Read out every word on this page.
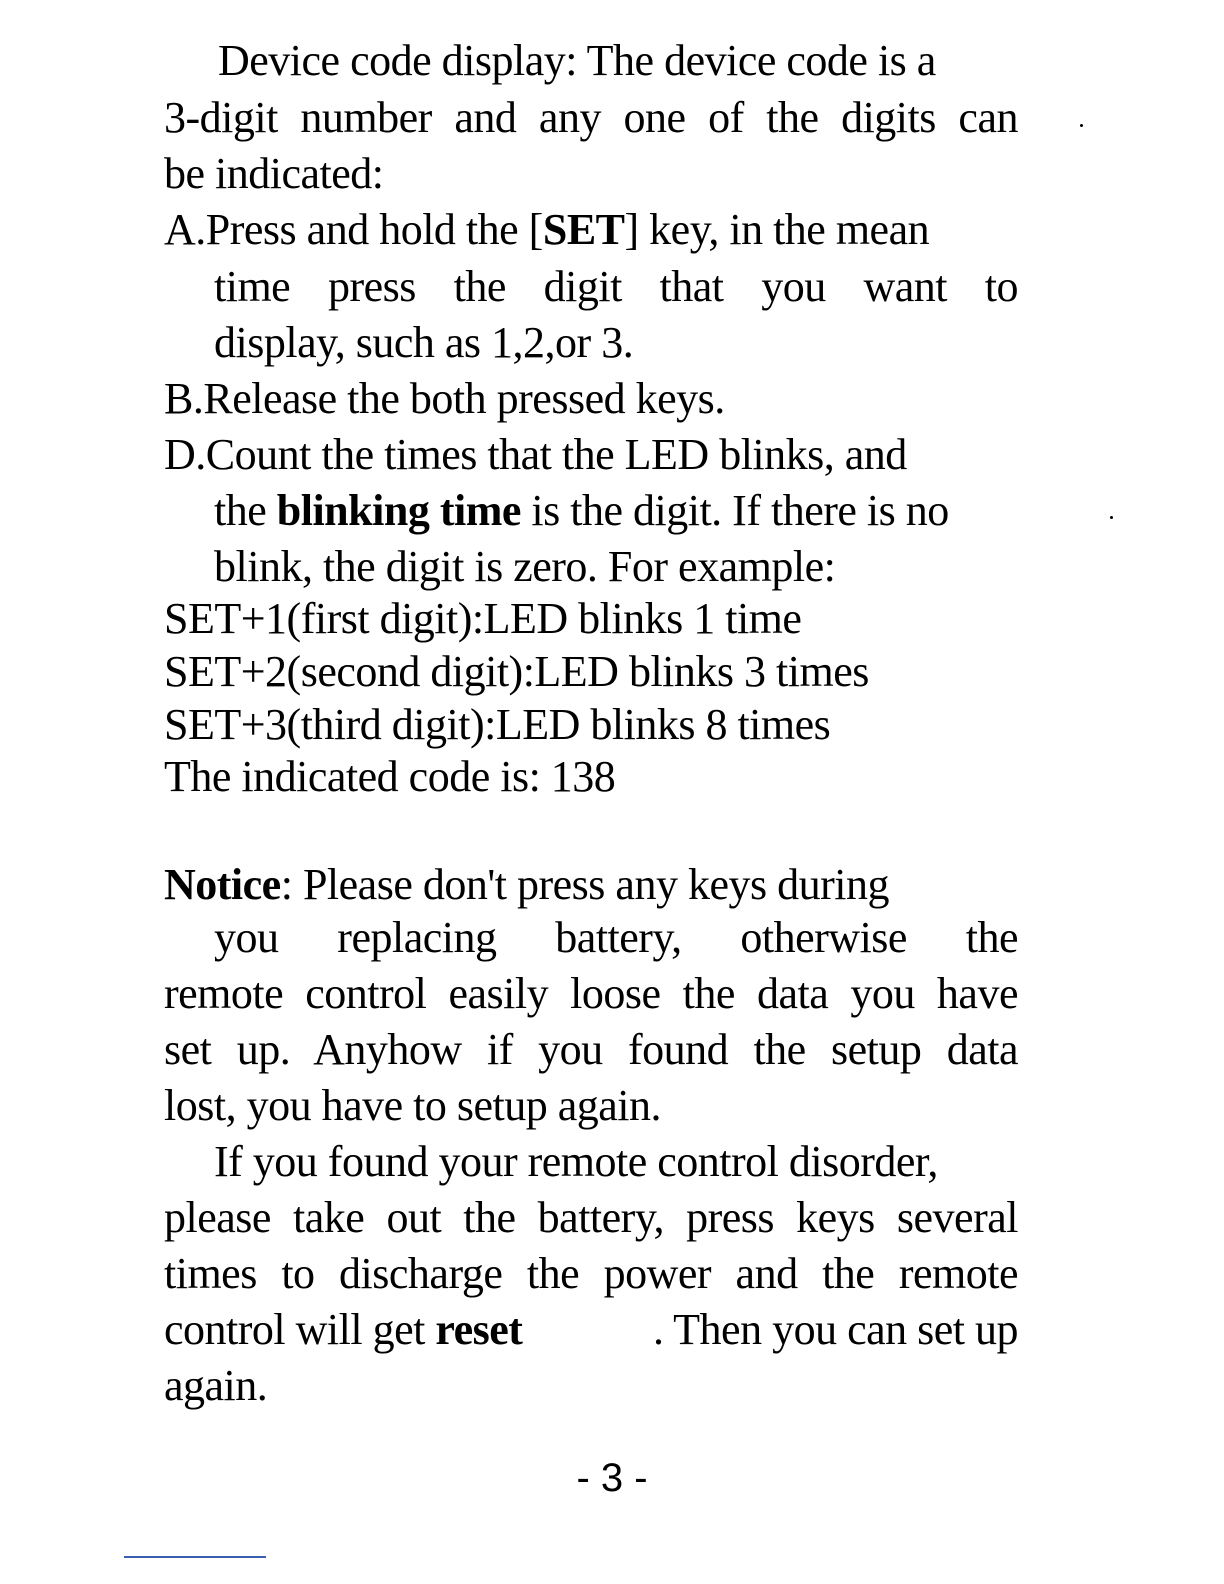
Device code display: The device code is a
3-digit number and any one of the digits can
be indicated:
A.Press and hold the [SET] key, in the mean
time press the digit that you want to
display, such as 1,2,or 3.
B.Release the both pressed keys.
D.Count the times that the LED blinks, and
the blinking time is the digit. If there is no
blink, the digit is zero. For example:
SET+1(first digit):LED blinks 1 time
SET+2(second digit):LED blinks 3 times
SET+3(third digit):LED blinks 8 times
The indicated code is: 138
Notice: Please don't press any keys during
you replacing battery, otherwise the
remote control easily loose the data you have
set up. Anyhow if you found the setup data
lost, you have to setup again.
If you found your remote control disorder,
please take out the battery, press keys several
times to discharge the power and the remote
control will get reset	. Then you can set up
again.
- 3 -
